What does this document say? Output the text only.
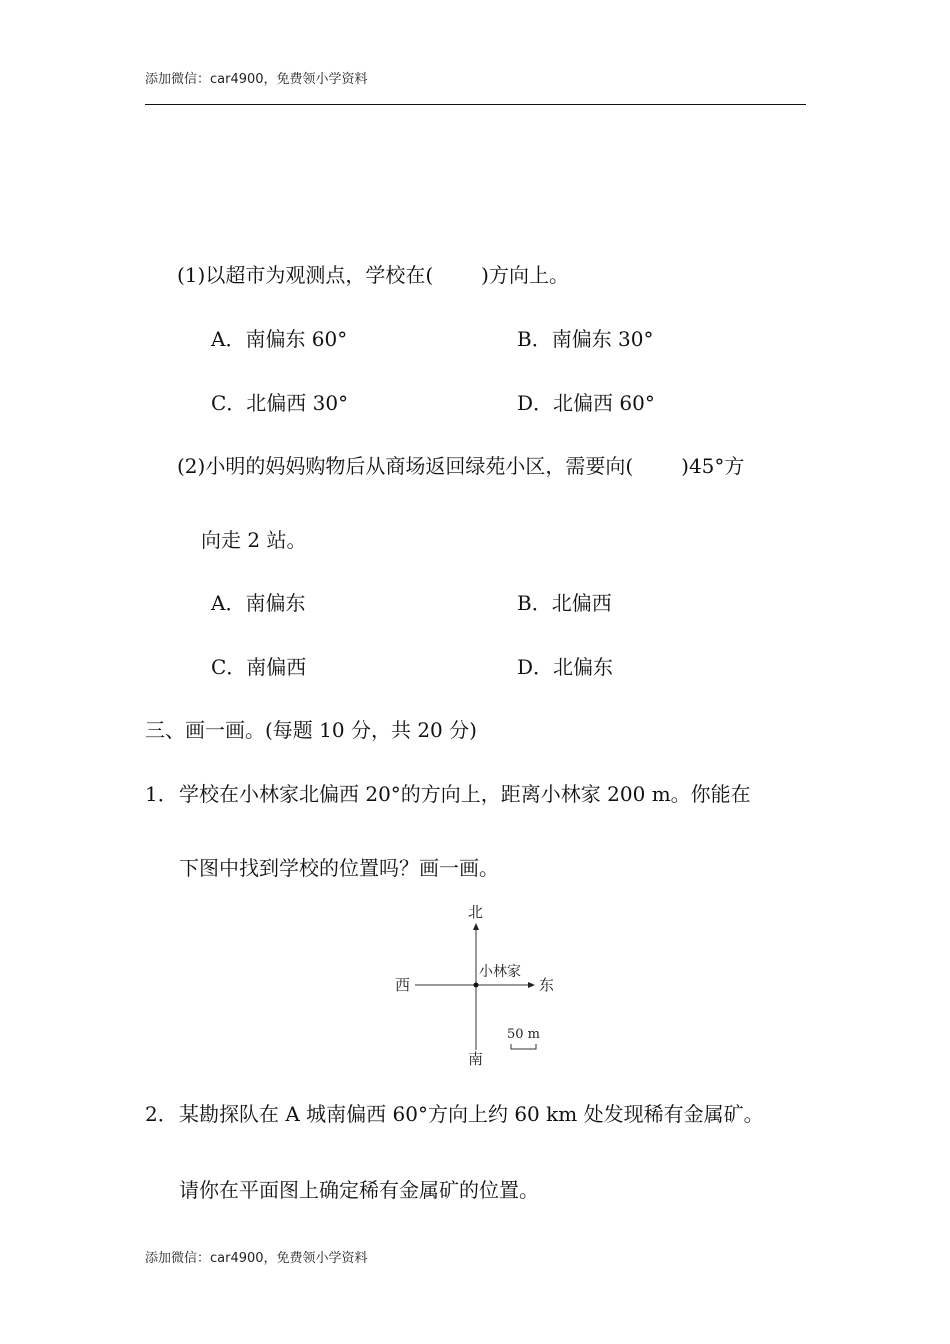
添加微信：car4900，免费领小学资料
(1)以超市为观测点，学校在( )方向上。
A．南偏东 60°	B．南偏东 30°
C．北偏西 30°	D．北偏西 60°
(2)小明的妈妈购物后从商场返回绿苑小区，需要向( )45°方
向走 2 站。
A．南偏东	B．北偏西
C．南偏西	D．北偏东
三、画一画。(每题 10 分，共 20 分)
1． 学校在小林家北偏西 20°的方向上，距离小林家 200 m。你能在
下图中找到学校的位置吗？画一画。
北
南
东
西
小林家
50 m
2． 某勘探队在 A 城南偏西 60°方向上约 60 km 处发现稀有金属矿。
请你在平面图上确定稀有金属矿的位置。
添加微信：car4900，免费领小学资料
